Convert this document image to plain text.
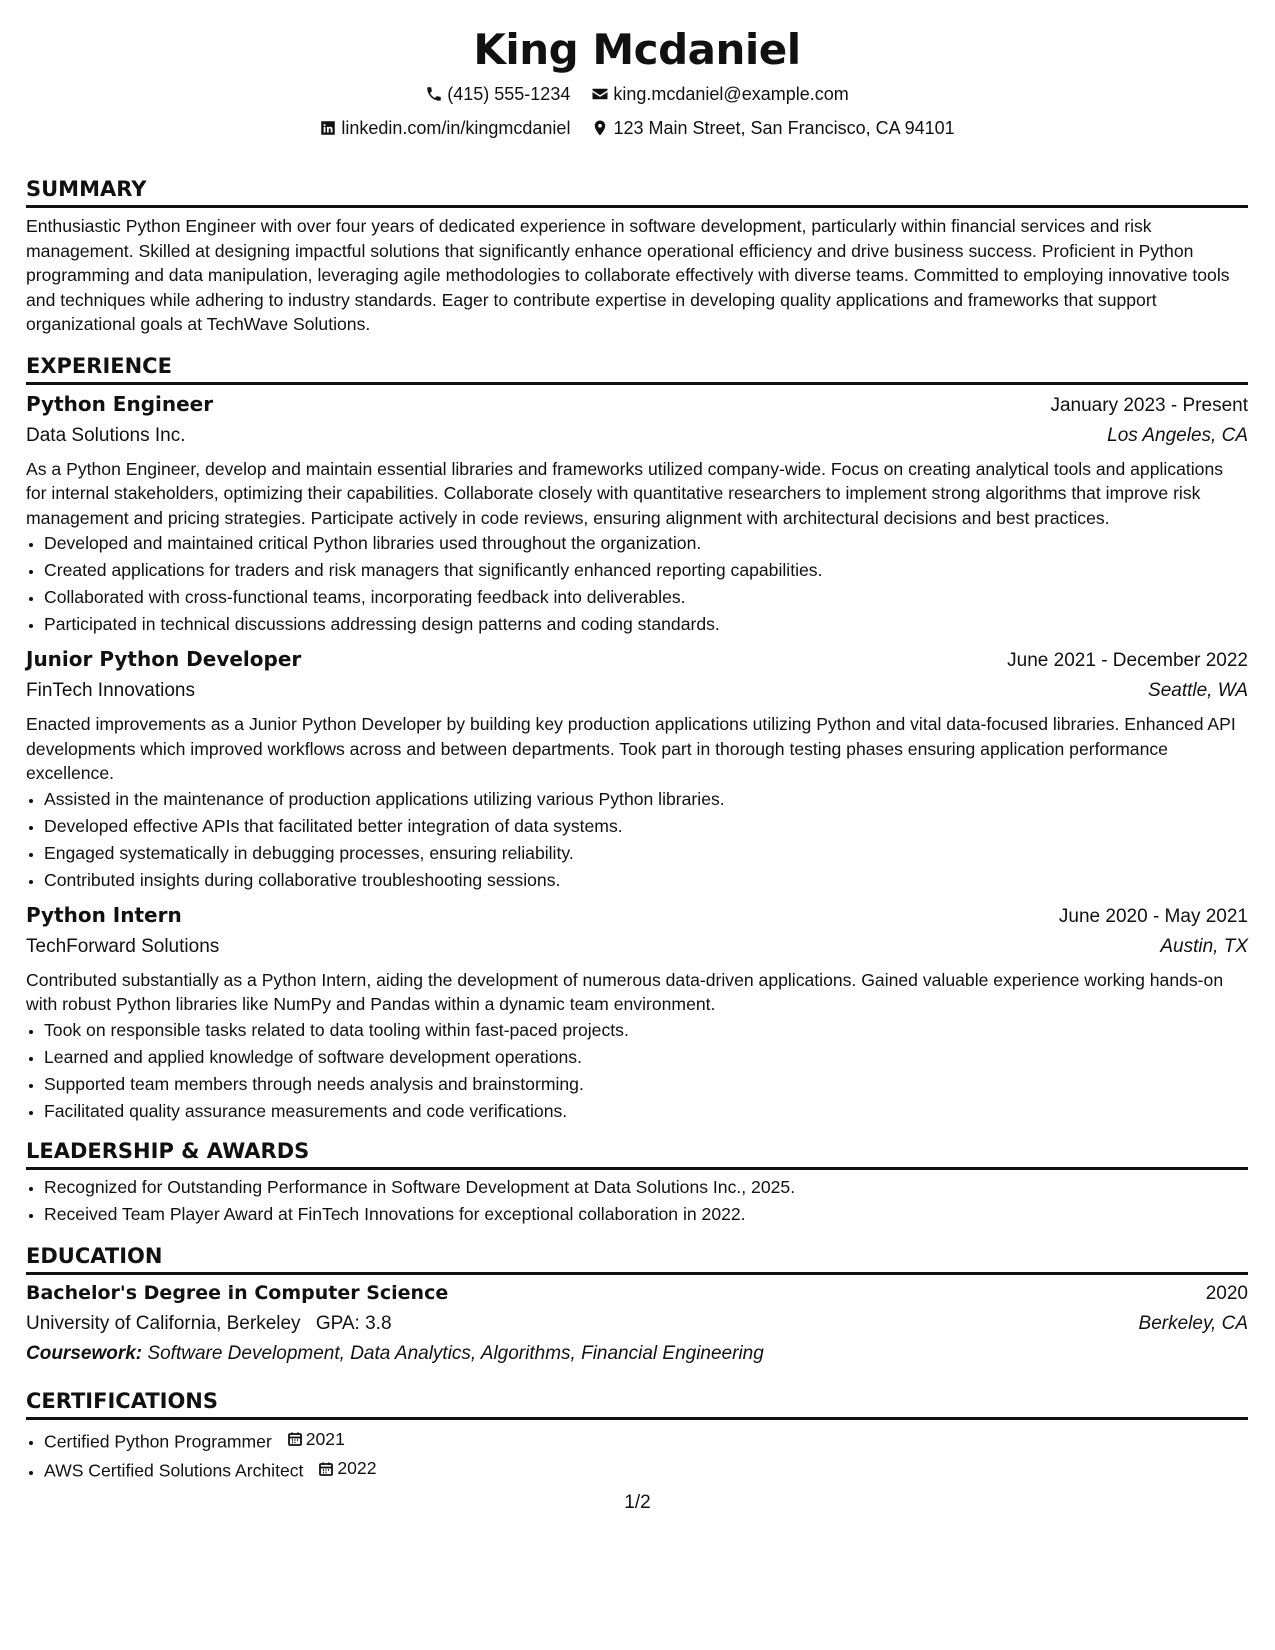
King Mcdaniel
(415) 555-1234
king.mcdaniel@example.com
linkedin.com/in/kingmcdaniel
123 Main Street, San Francisco, CA 94101
SUMMARY

Enthusiastic Python Engineer with over four years of dedicated experience in software development, particularly within financial services and risk management. Skilled at designing impactful solutions that significantly enhance operational efficiency and drive business success. Proficient in Python programming and data manipulation, leveraging agile methodologies to collaborate effectively with diverse teams. Committed to employing innovative tools and techniques while adhering to industry standards. Eager to contribute expertise in developing quality applications and frameworks that support organizational goals at TechWave Solutions.

EXPERIENCE
Python Engineer	January 2023 - Present
Data Solutions Inc.	Los Angeles, CA

As a Python Engineer, develop and maintain essential libraries and frameworks utilized company-wide. Focus on creating analytical tools and applications for internal stakeholders, optimizing their capabilities. Collaborate closely with quantitative researchers to implement strong algorithms that improve risk management and pricing strategies. Participate actively in code reviews, ensuring alignment with architectural decisions and best practices.

• Developed and maintained critical Python libraries used throughout the organization.
• Created applications for traders and risk managers that significantly enhanced reporting capabilities.
• Collaborated with cross-functional teams, incorporating feedback into deliverables.
• Participated in technical discussions addressing design patterns and coding standards.
Junior Python Developer	June 2021 - December 2022
FinTech Innovations	Seattle, WA

Enacted improvements as a Junior Python Developer by building key production applications utilizing Python and vital data-focused libraries. Enhanced API developments which improved workflows across and between departments. Took part in thorough testing phases ensuring application performance excellence.

• Assisted in the maintenance of production applications utilizing various Python libraries.
• Developed effective APIs that facilitated better integration of data systems.
• Engaged systematically in debugging processes, ensuring reliability.
• Contributed insights during collaborative troubleshooting sessions.
Python Intern	June 2020 - May 2021
TechForward Solutions	Austin, TX

Contributed substantially as a Python Intern, aiding the development of numerous data-driven applications. Gained valuable experience working hands-on with robust Python libraries like NumPy and Pandas within a dynamic team environment.

• Took on responsible tasks related to data tooling within fast-paced projects.
• Learned and applied knowledge of software development operations.
• Supported team members through needs analysis and brainstorming.
• Facilitated quality assurance measurements and code verifications.
LEADERSHIP & AWARDS
• Recognized for Outstanding Performance in Software Development at Data Solutions Inc., 2025.
• Received Team Player Award at FinTech Innovations for exceptional collaboration in 2022.
EDUCATION
Bachelor's Degree in Computer Science	2020
University of California, Berkeley GPA: 3.8	Berkeley, CA
Coursework: Software Development, Data Analytics, Algorithms, Financial Engineering
CERTIFICATIONS
• Certified Python Programmer 2021
• AWS Certified Solutions Architect 2022
1/2
